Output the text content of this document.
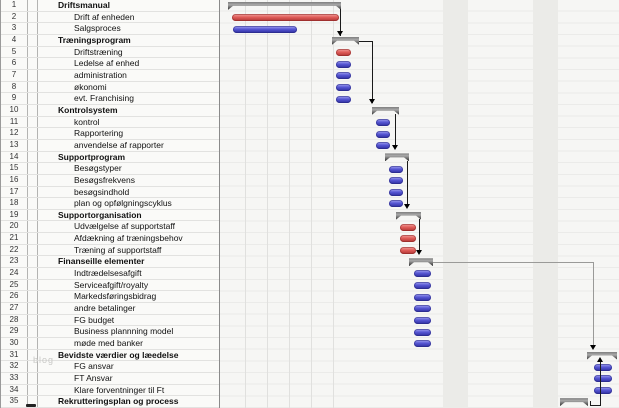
1	Driftsmanual
2	Drift af enheden
3	Salgsproces
4	Træningsprogram
5	Driftstræning
6	Ledelse af enhed
7	administration
8	økonomi
9	evt. Franchising
10	Kontrolsystem
11	kontrol
12	Rapportering
13	anvendelse af rapporter
14	Supportprogram
15	Besøgstyper
16	Besøgsfrekvens
17	besøgsindhold
18	plan og opfølgningscyklus
19	Supportorganisation
20	Udvælgelse af supportstaff
21	Afdækning af træningsbehov
22	Træning af supportstaff
23	Finanseille elementer
24	Indtrædelsesafgift
25	Serviceafgift/royalty
26	Markedsføringsbidrag
27	andre betalinger
28	FG budget
29	Business plannning model
30	møde med banker
31	Bevidste værdier og læedelse
32	FG ansvar
33	FT Ansvar
34	Klare forventninger til Ft
35	Rekrutteringsplan og process
blog
